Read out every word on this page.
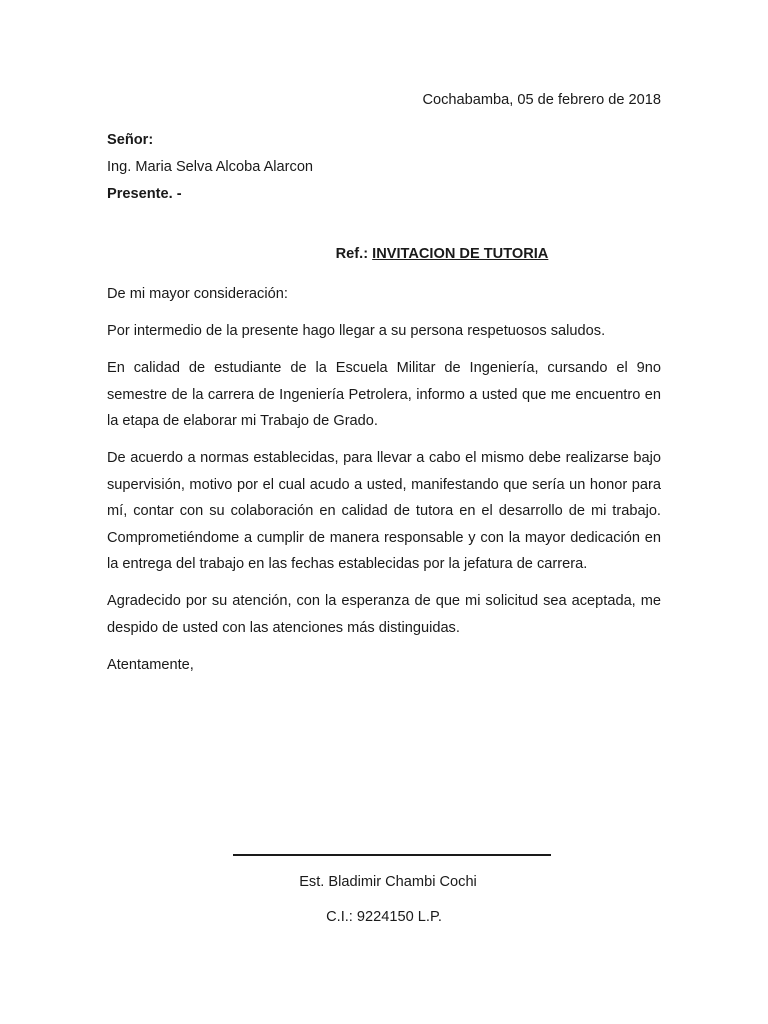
Cochabamba, 05 de febrero de 2018
Señor:
Ing. Maria Selva Alcoba Alarcon
Presente. -
Ref.: INVITACION DE TUTORIA

De mi mayor consideración:

Por intermedio de la presente hago llegar a su persona respetuosos saludos.

En calidad de estudiante de la Escuela Militar de Ingeniería, cursando el 9no semestre de la carrera de Ingeniería Petrolera, informo a usted que me encuentro en la etapa de elaborar mi Trabajo de Grado.

De acuerdo a normas establecidas, para llevar a cabo el mismo debe realizarse bajo supervisión, motivo por el cual acudo a usted, manifestando que sería un honor para mí, contar con su colaboración en calidad de tutora en el desarrollo de mi trabajo. Comprometiéndome a cumplir de manera responsable y con la mayor dedicación en la entrega del trabajo en las fechas establecidas por la jefatura de carrera.

Agradecido por su atención, con la esperanza de que mi solicitud sea aceptada, me despido de usted con las atenciones más distinguidas.

Atentamente,

Est. Bladimir Chambi Cochi
C.I.: 9224150 L.P.
